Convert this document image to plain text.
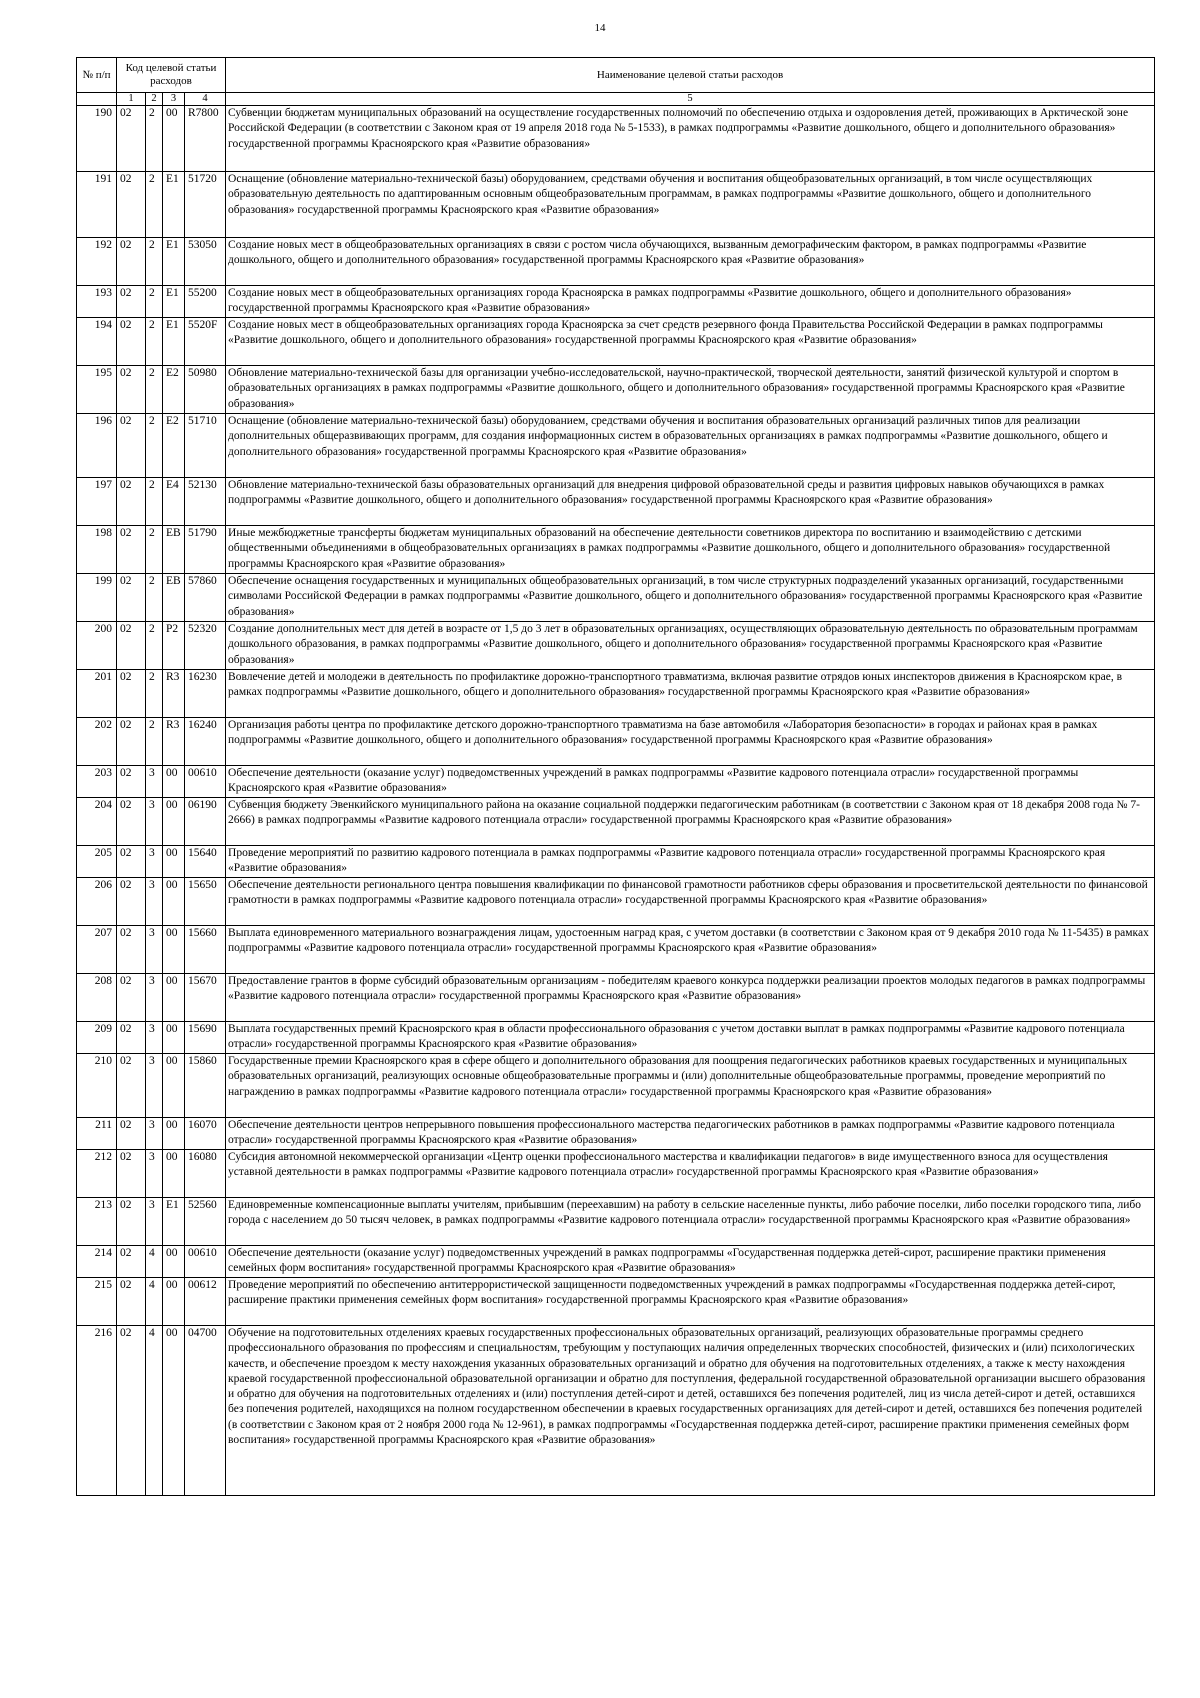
14
№ п/п	Код целевой статьи расходов				Наименование целевой статьи расходов
	1	2	3	4	5
190	02	2	00	R7800	Субвенции бюджетам муниципальных образований на осуществление государственных полномочий по обеспечению отдыха и оздоровления детей, проживающих в Арктической зоне Российской Федерации (в соответствии с Законом края от 19 апреля 2018 года № 5-1533), в рамках подпрограммы «Развитие дошкольного, общего и дополнительного образования» государственной программы Красноярского края «Развитие образования»
191	02	2	E1	51720	Оснащение (обновление материально-технической базы) оборудованием, средствами обучения и воспитания общеобразовательных организаций, в том числе осуществляющих образовательную деятельность по адаптированным основным общеобразовательным программам, в рамках подпрограммы «Развитие дошкольного, общего и дополнительного образования» государственной программы Красноярского края «Развитие образования»
192	02	2	E1	53050	Создание новых мест в общеобразовательных организациях в связи с ростом числа обучающихся, вызванным демографическим фактором, в рамках подпрограммы «Развитие дошкольного, общего и дополнительного образования» государственной программы Красноярского края «Развитие образования»
193	02	2	E1	55200	Создание новых мест в общеобразовательных организациях города Красноярска в рамках подпрограммы «Развитие дошкольного, общего и дополнительного образования» государственной программы Красноярского края «Развитие образования»
194	02	2	E1	5520F	Создание новых мест в общеобразовательных организациях города Красноярска за счет средств резервного фонда Правительства Российской Федерации в рамках подпрограммы «Развитие дошкольного, общего и дополнительного образования» государственной программы Красноярского края «Развитие образования»
195	02	2	E2	50980	Обновление материально-технической базы для организации учебно-исследовательской, научно-практической, творческой деятельности, занятий физической культурой и спортом в образовательных организациях в рамках подпрограммы «Развитие дошкольного, общего и дополнительного образования» государственной программы Красноярского края «Развитие образования»
196	02	2	E2	51710	Оснащение (обновление материально-технической базы) оборудованием, средствами обучения и воспитания образовательных организаций различных типов для реализации дополнительных общеразвивающих программ, для создания информационных систем в образовательных организациях в рамках подпрограммы «Развитие дошкольного, общего и дополнительного образования» государственной программы Красноярского края «Развитие образования»
197	02	2	E4	52130	Обновление материально-технической базы образовательных организаций для внедрения цифровой образовательной среды и развития цифровых навыков обучающихся в рамках подпрограммы «Развитие дошкольного, общего и дополнительного образования» государственной программы Красноярского края «Развитие образования»
198	02	2	EB	51790	Иные межбюджетные трансферты бюджетам муниципальных образований на обеспечение деятельности советников директора по воспитанию и взаимодействию с детскими общественными объединениями в общеобразовательных организациях в рамках подпрограммы «Развитие дошкольного, общего и дополнительного образования» государственной программы Красноярского края «Развитие образования»
199	02	2	EB	57860	Обеспечение оснащения государственных и муниципальных общеобразовательных организаций, в том числе структурных подразделений указанных организаций, государственными символами Российской Федерации в рамках подпрограммы «Развитие дошкольного, общего и дополнительного образования» государственной программы Красноярского края «Развитие образования»
200	02	2	P2	52320	Создание дополнительных мест для детей в возрасте от 1,5 до 3 лет в образовательных организациях, осуществляющих образовательную деятельность по образовательным программам дошкольного образования, в рамках подпрограммы «Развитие дошкольного, общего и дополнительного образования» государственной программы Красноярского края «Развитие образования»
201	02	2	R3	16230	Вовлечение детей и молодежи в деятельность по профилактике дорожно-транспортного травматизма, включая развитие отрядов юных инспекторов движения в Красноярском крае, в рамках подпрограммы «Развитие дошкольного, общего и дополнительного образования» государственной программы Красноярского края «Развитие образования»
202	02	2	R3	16240	Организация работы центра по профилактике детского дорожно-транспортного травматизма на базе автомобиля «Лаборатория безопасности» в городах и районах края в рамках подпрограммы «Развитие дошкольного, общего и дополнительного образования» государственной программы Красноярского края «Развитие образования»
203	02	3	00	00610	Обеспечение деятельности (оказание услуг) подведомственных учреждений в рамках подпрограммы «Развитие кадрового потенциала отрасли» государственной программы Красноярского края «Развитие образования»
204	02	3	00	06190	Субвенция бюджету Эвенкийского муниципального района на оказание социальной поддержки педагогическим работникам (в соответствии с Законом края от 18 декабря 2008 года № 7-2666) в рамках подпрограммы «Развитие кадрового потенциала отрасли» государственной программы Красноярского края «Развитие образования»
205	02	3	00	15640	Проведение мероприятий по развитию кадрового потенциала в рамках подпрограммы «Развитие кадрового потенциала отрасли» государственной программы Красноярского края «Развитие образования»
206	02	3	00	15650	Обеспечение деятельности регионального центра повышения квалификации по финансовой грамотности работников сферы образования и просветительской деятельности по финансовой грамотности в рамках подпрограммы «Развитие кадрового потенциала отрасли» государственной программы Красноярского края «Развитие образования»
207	02	3	00	15660	Выплата единовременного материального вознаграждения лицам, удостоенным наград края, с учетом доставки (в соответствии с Законом края от 9 декабря 2010 года № 11-5435) в рамках подпрограммы «Развитие кадрового потенциала отрасли» государственной программы Красноярского края «Развитие образования»
208	02	3	00	15670	Предоставление грантов в форме субсидий образовательным организациям - победителям краевого конкурса поддержки реализации проектов молодых педагогов в рамках подпрограммы «Развитие кадрового потенциала отрасли» государственной программы Красноярского края «Развитие образования»
209	02	3	00	15690	Выплата государственных премий Красноярского края в области профессионального образования с учетом доставки выплат в рамках подпрограммы «Развитие кадрового потенциала отрасли» государственной программы Красноярского края «Развитие образования»
210	02	3	00	15860	Государственные премии Красноярского края в сфере общего и дополнительного образования для поощрения педагогических работников краевых государственных и муниципальных образовательных организаций, реализующих основные общеобразовательные программы и (или) дополнительные общеобразовательные программы, проведение мероприятий по награждению в рамках подпрограммы «Развитие кадрового потенциала отрасли» государственной программы Красноярского края «Развитие образования»
211	02	3	00	16070	Обеспечение деятельности центров непрерывного повышения профессионального мастерства педагогических работников в рамках подпрограммы «Развитие кадрового потенциала отрасли» государственной программы Красноярского края «Развитие образования»
212	02	3	00	16080	Субсидия автономной некоммерческой организации «Центр оценки профессионального мастерства и квалификации педагогов» в виде имущественного взноса для осуществления уставной деятельности в рамках подпрограммы «Развитие кадрового потенциала отрасли» государственной программы Красноярского края «Развитие образования»
213	02	3	E1	52560	Единовременные компенсационные выплаты учителям, прибывшим (переехавшим) на работу в сельские населенные пункты, либо рабочие поселки, либо поселки городского типа, либо города с населением до 50 тысяч человек, в рамках подпрограммы «Развитие кадрового потенциала отрасли» государственной программы Красноярского края «Развитие образования»
214	02	4	00	00610	Обеспечение деятельности (оказание услуг) подведомственных учреждений в рамках подпрограммы «Государственная поддержка детей-сирот, расширение практики применения семейных форм воспитания» государственной программы Красноярского края «Развитие образования»
215	02	4	00	00612	Проведение мероприятий по обеспечению антитеррористической защищенности подведомственных учреждений в рамках подпрограммы «Государственная поддержка детей-сирот, расширение практики применения семейных форм воспитания» государственной программы Красноярского края «Развитие образования»
216	02	4	00	04700	Обучение на подготовительных отделениях краевых государственных профессиональных образовательных организаций, реализующих образовательные программы среднего профессионального образования по профессиям и специальностям, требующим у поступающих наличия определенных творческих способностей, физических и (или) психологических качеств, и обеспечение проездом к месту нахождения указанных образовательных организаций и обратно для обучения на подготовительных отделениях, а также к месту нахождения краевой государственной профессиональной образовательной организации и обратно для поступления, федеральной государственной образовательной организации высшего образования и обратно для обучения на подготовительных отделениях и (или) поступления детей-сирот и детей, оставшихся без попечения родителей, лиц из числа детей-сирот и детей, оставшихся без попечения родителей, находящихся на полном государственном обеспечении в краевых государственных организациях для детей-сирот и детей, оставшихся без попечения родителей (в соответствии с Законом края от 2 ноября 2000 года № 12-961), в рамках подпрограммы «Государственная поддержка детей-сирот, расширение практики применения семейных форм воспитания» государственной программы Красноярского края «Развитие образования»
